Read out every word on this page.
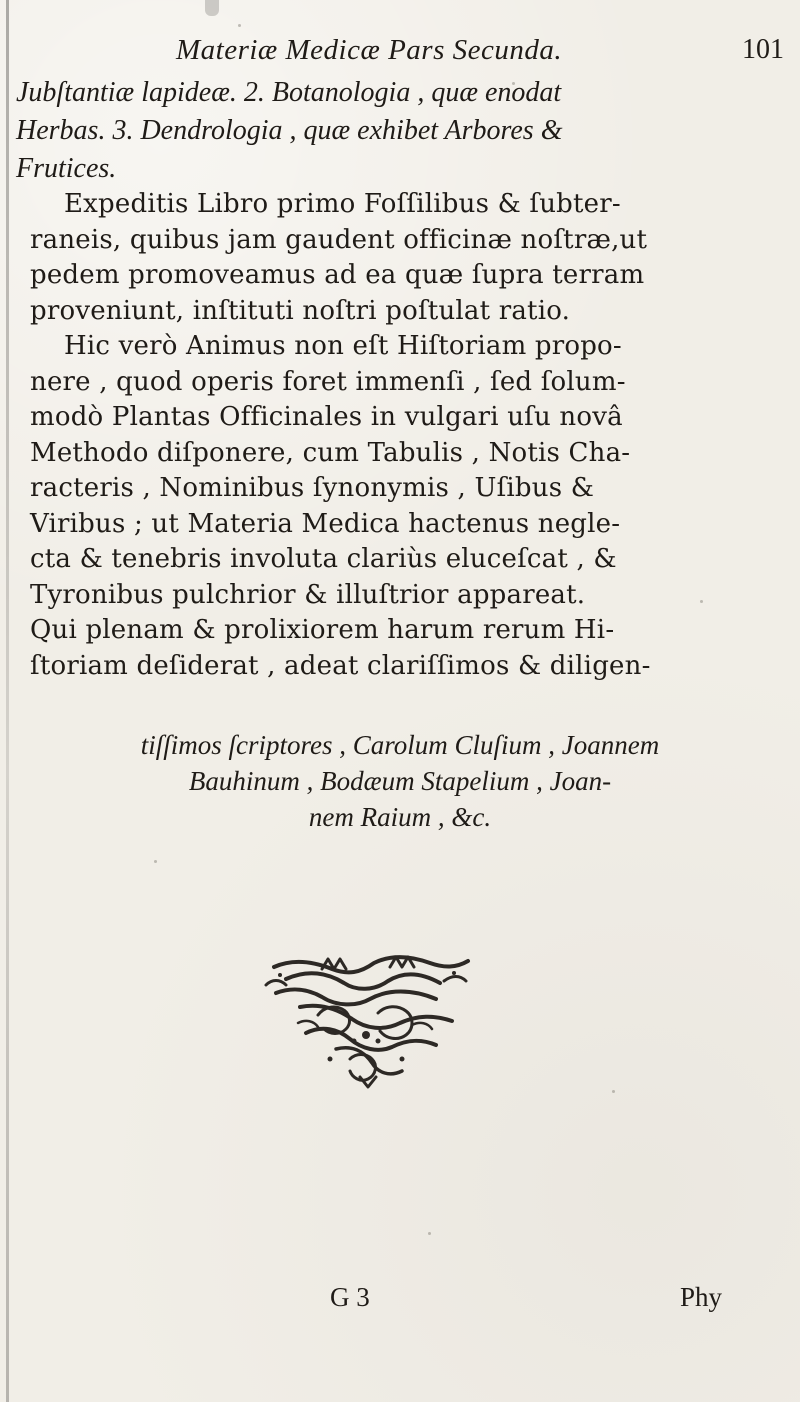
Materiæ Medicæ Pars Secunda.	101
Jubſtantiæ lapideæ. 2. Botanologia , quæ enodat
Herbas. 3. Dendrologia , quæ exhibet Arbores &
Frutices.
Expeditis Libro primo Foſſilibus & ſubter-
raneis, quibus jam gaudent officinæ noſtræ,ut
pedem promoveamus ad ea quæ ſupra terram
proveniunt, inſtituti noſtri poſtulat ratio.
Hic verò Animus non eſt Hiſtoriam propo-
nere , quod operis foret immenſi , ſed ſolum-
modò Plantas Officinales in vulgari uſu novâ
Methodo diſponere, cum Tabulis , Notis Cha-
racteris , Nominibus ſynonymis , Uſibus &
Viribus ; ut Materia Medica hactenus negle-
cta & tenebris involuta clariùs eluceſcat , &
Tyronibus pulchrior & illuſtrior appareat.
Qui plenam & prolixiorem harum rerum Hi-
ſtoriam deſiderat , adeat clariſſimos & diligen-
tiſſimos ſcriptores , Carolum Cluſium , Joannem
Bauhinum , Bodæum Stapelium , Joan-
nem Raium , &c.
G 3	Phy
